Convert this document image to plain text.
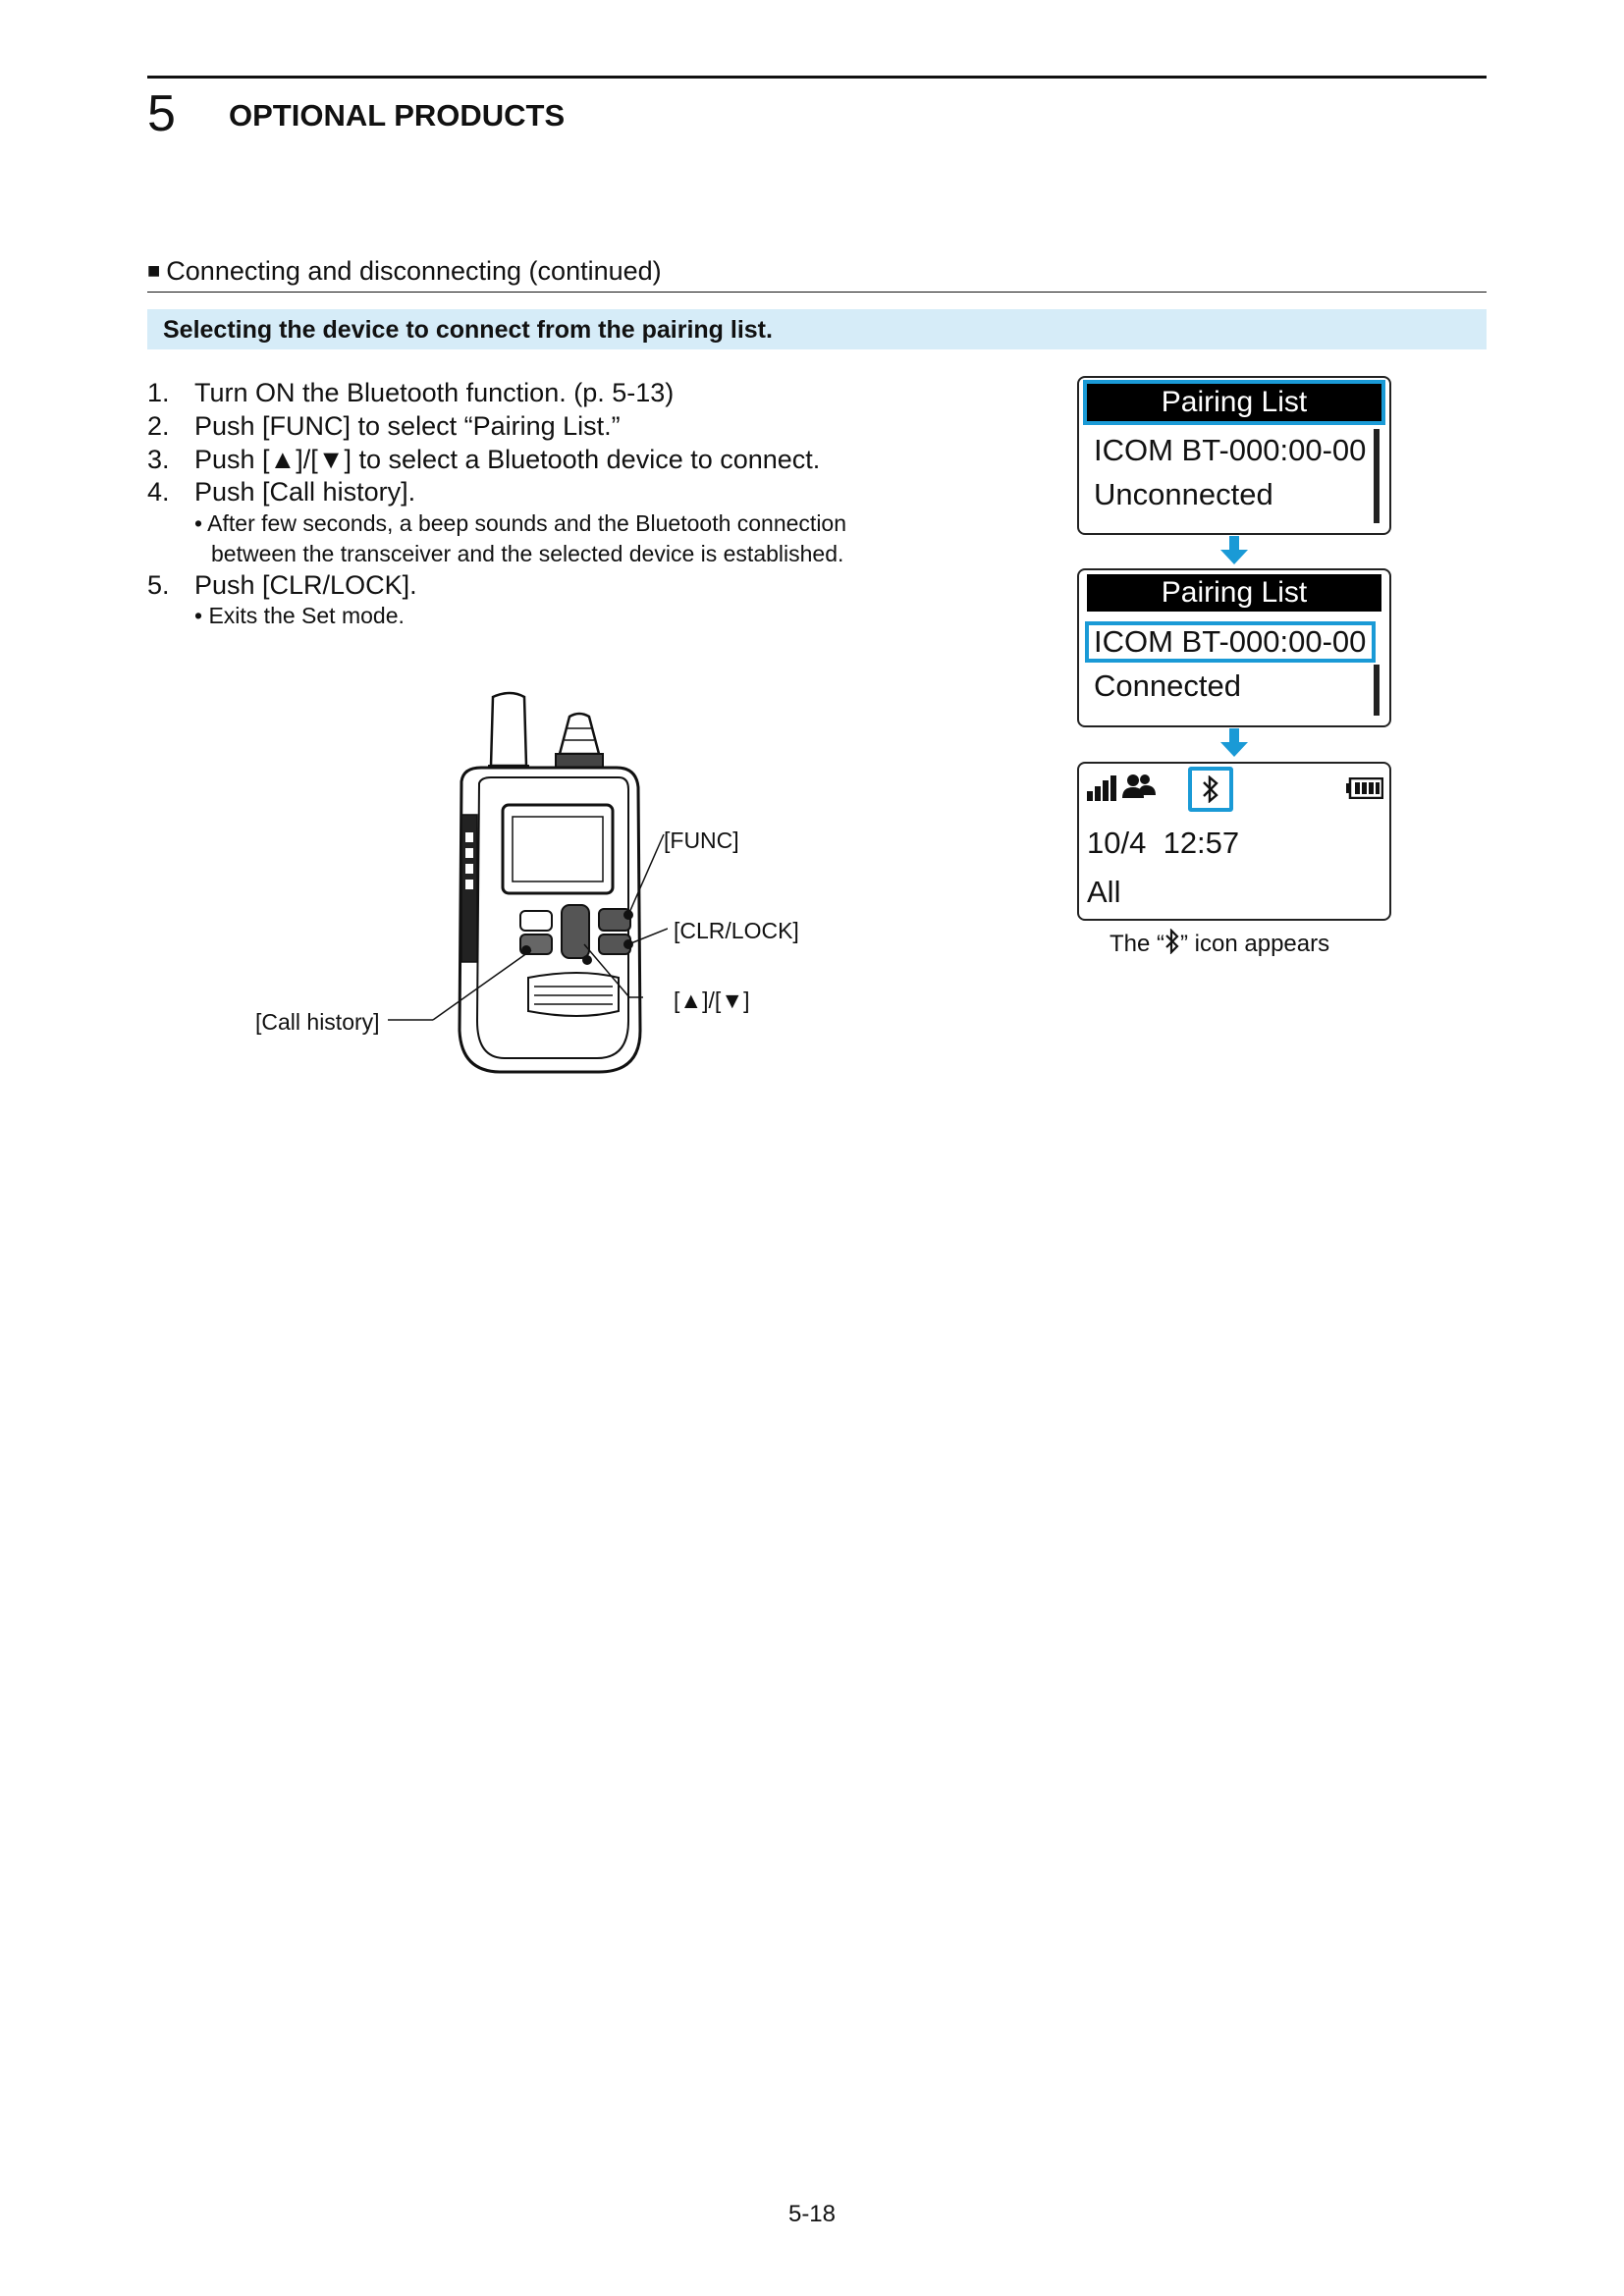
5 OPTIONAL PRODUCTS
■ Connecting and disconnecting (continued)
Selecting the device to connect from the pairing list.
1. Turn ON the Bluetooth function. (p. 5-13)
2. Push [FUNC] to select “Pairing List.”
3. Push [▲]/[▼] to select a Bluetooth device to connect.
4. Push [Call history].
• After few seconds, a beep sounds and the Bluetooth connection
between the transceiver and the selected device is established.
5. Push [CLR/LOCK].
• Exits the Set mode.
[FUNC]
[CLR/LOCK]
[▲]/[▼]
[Call history]
Pairing List
ICOM BT-000:00-00
Unconnected
Pairing List
ICOM BT-000:00-00
Connected
10/4 12:57
All
The “ ” icon appears
5-18
